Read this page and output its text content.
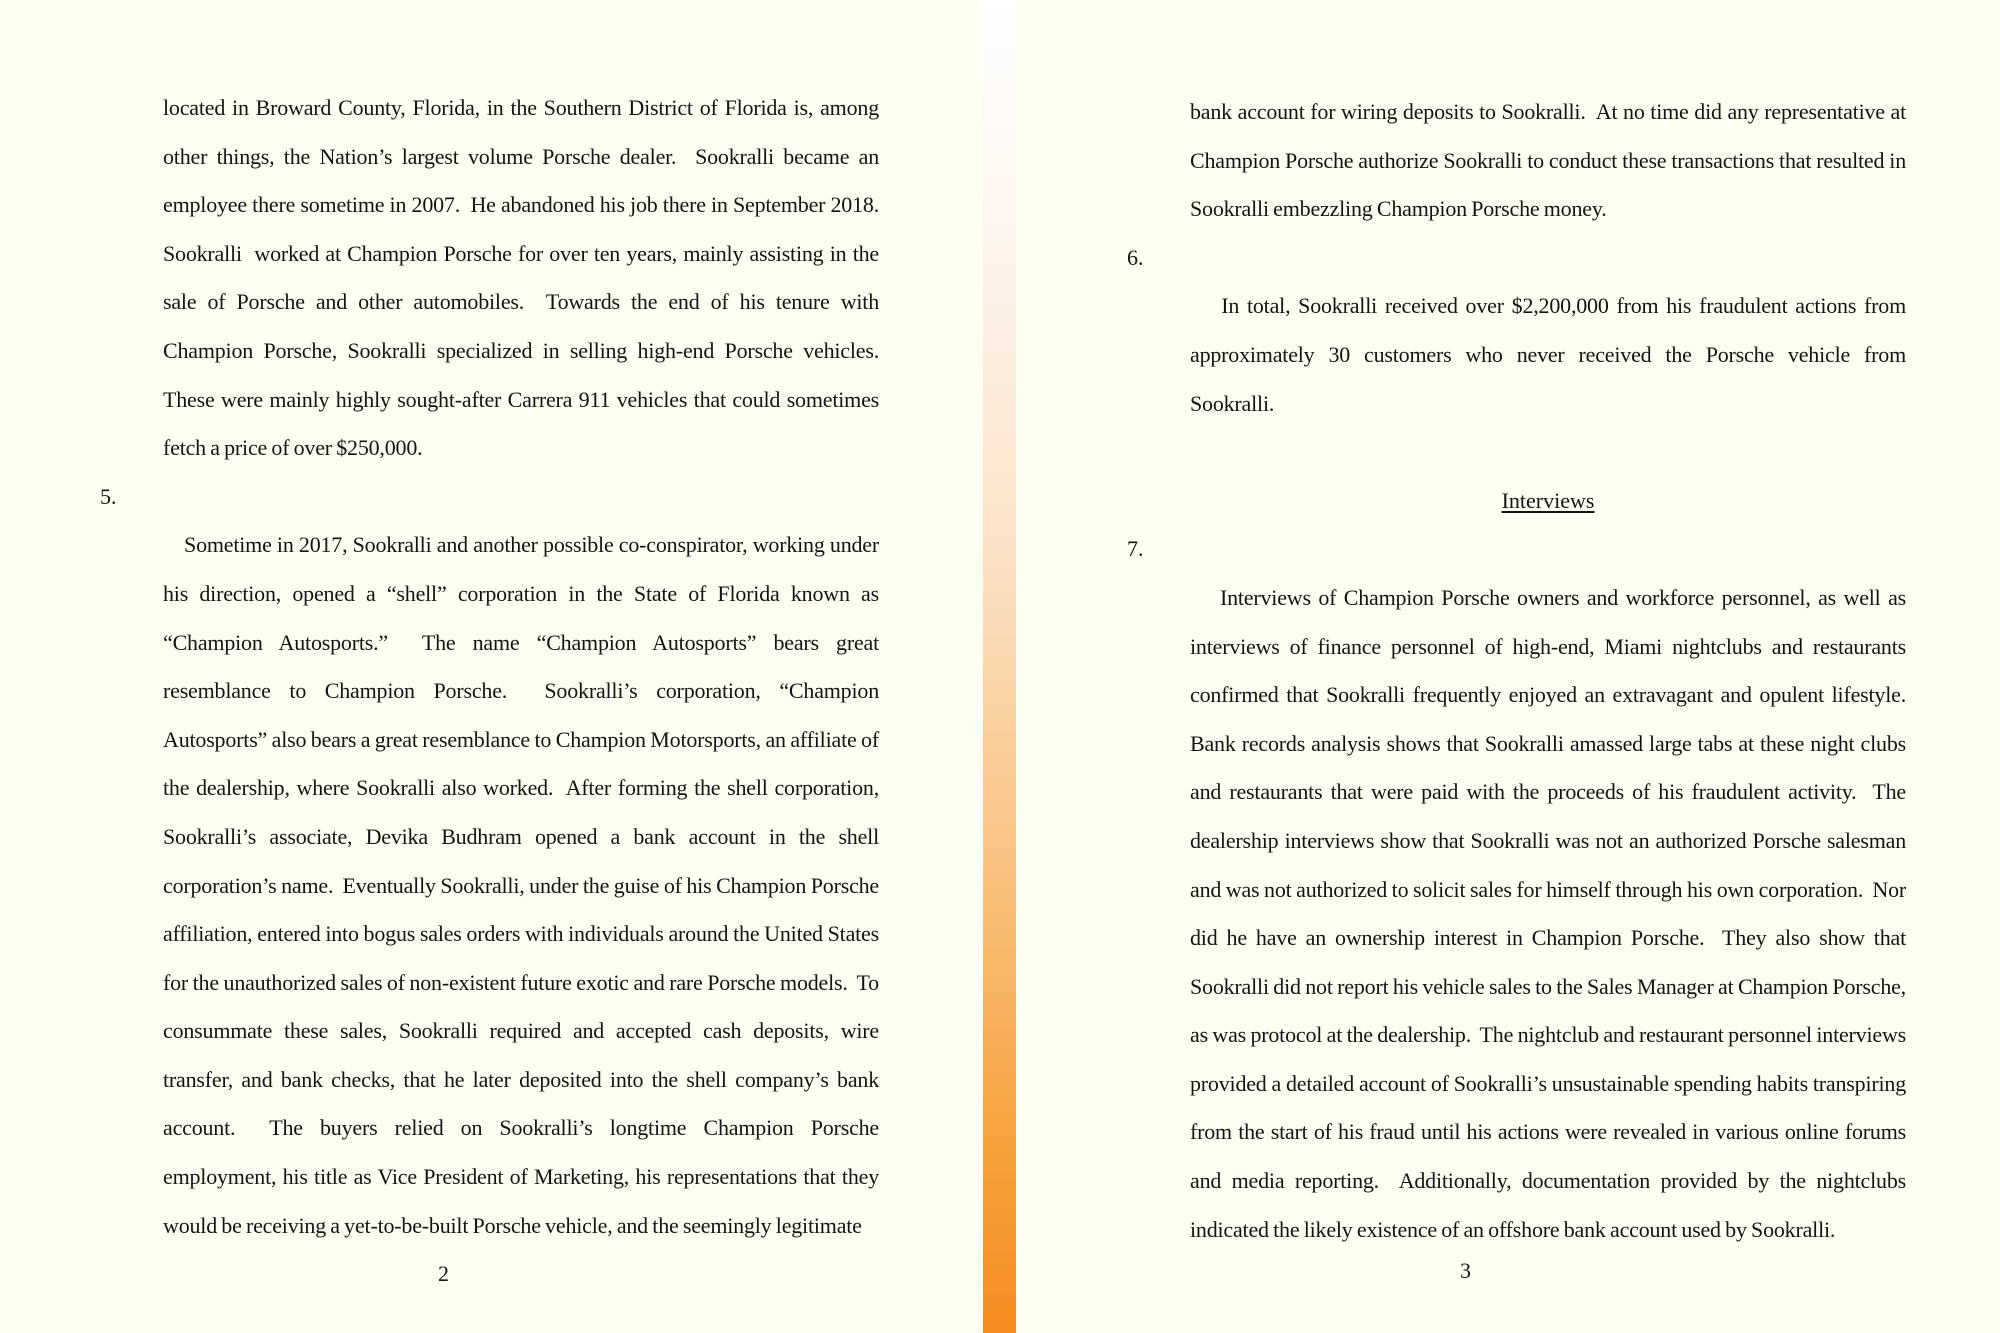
located in Broward County, Florida, in the Southern District of Florida is, among other things, the Nation’s largest volume Porsche dealer.  Sookralli became an employee there sometime in 2007.  He abandoned his job there in September 2018.  Sookralli  worked at Champion Porsche for over ten years, mainly assisting in the sale of Porsche and other automobiles.  Towards the end of his tenure with Champion Porsche, Sookralli specialized in selling high-end Porsche vehicles.  These were mainly highly sought-after Carrera 911 vehicles that could sometimes fetch a price of over $250,000.

5.
Sometime in 2017, Sookralli and another possible co-conspirator, working under his direction, opened a “shell” corporation in the State of Florida known as “Champion Autosports.”  The name “Champion Autosports” bears great resemblance to Champion Porsche.  Sookralli’s corporation, “Champion Autosports” also bears a great resemblance to Champion Motorsports, an affiliate of the dealership, where Sookralli also worked.  After forming the shell corporation, Sookralli’s associate, Devika Budhram opened a bank account in the shell corporation’s name.  Eventually Sookralli, under the guise of his Champion Porsche affiliation, entered into bogus sales orders with individuals around the United States for the unauthorized sales of non-existent future exotic and rare Porsche models.  To consummate these sales, Sookralli required and accepted cash deposits, wire transfer, and bank checks, that he later deposited into the shell company’s bank account.  The buyers relied on Sookralli’s longtime Champion Porsche employment, his title as Vice President of Marketing, his representations that they would be receiving a yet-to-be-built Porsche vehicle, and the seemingly legitimate

2

bank account for wiring deposits to Sookralli.  At no time did any representative at Champion Porsche authorize Sookralli to conduct these transactions that resulted in Sookralli embezzling Champion Porsche money.

6.
In total, Sookralli received over $2,200,000 from his fraudulent actions from approximately 30 customers who never received the Porsche vehicle from Sookralli.

Interviews

7.
Interviews of Champion Porsche owners and workforce personnel, as well as interviews of finance personnel of high-end, Miami nightclubs and restaurants confirmed that Sookralli frequently enjoyed an extravagant and opulent lifestyle.  Bank records analysis shows that Sookralli amassed large tabs at these night clubs and restaurants that were paid with the proceeds of his fraudulent activity.  The dealership interviews show that Sookralli was not an authorized Porsche salesman and was not authorized to solicit sales for himself through his own corporation.  Nor did he have an ownership interest in Champion Porsche.  They also show that Sookralli did not report his vehicle sales to the Sales Manager at Champion Porsche, as was protocol at the dealership.  The nightclub and restaurant personnel interviews provided a detailed account of Sookralli’s unsustainable spending habits transpiring from the start of his fraud until his actions were revealed in various online forums and media reporting.  Additionally, documentation provided by the nightclubs indicated the likely existence of an offshore bank account used by Sookralli.

3
